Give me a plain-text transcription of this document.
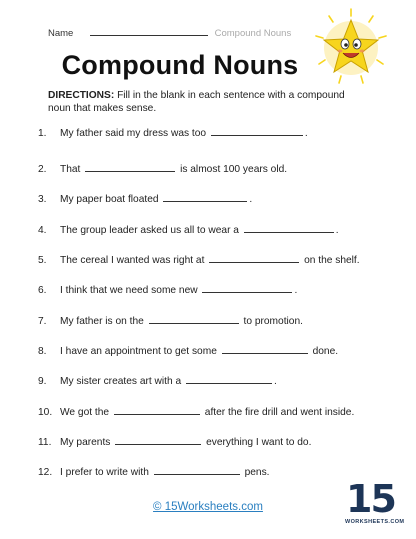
Name	Compound Nouns
Compound Nouns
DIRECTIONS: Fill in the blank in each sentence with a compound noun that makes sense.
1. My father said my dress was too	.
2. That	is almost 100 years old.
3. My paper boat floated	.
4. The group leader asked us all to wear a	.
5. The cereal I wanted was right at	on the shelf.
6. I think that we need some new	.
7. My father is on the	to promotion.
8. I have an appointment to get some	done.
9. My sister creates art with a	.
10. We got the	after the fire drill and went inside.
11. My parents	everything I want to do.
12. I prefer to write with	pens.
© 15Worksheets.com	15
WORKSHEETS.COM
